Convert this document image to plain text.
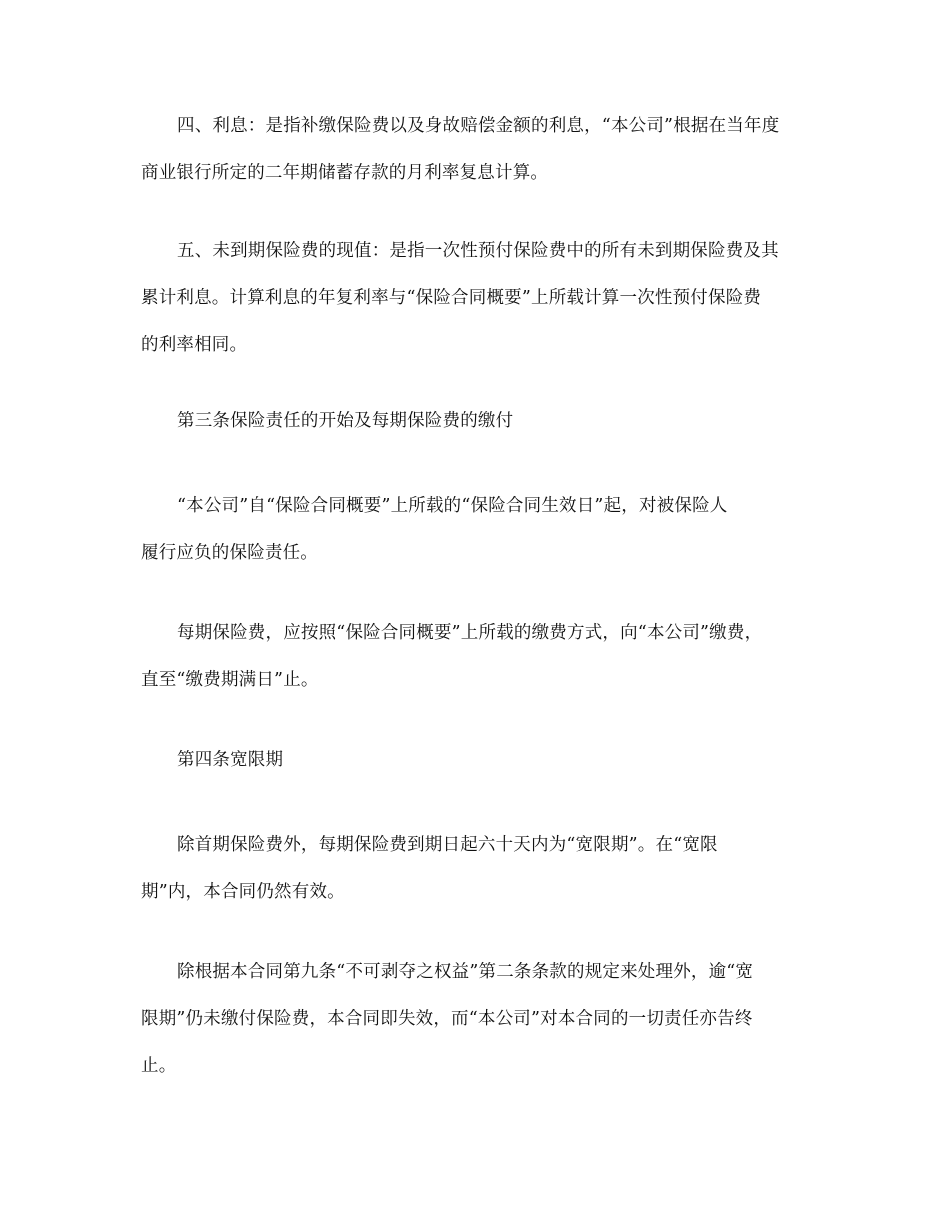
四、利息：是指补缴保险费以及身故赔偿金额的利息，“本公司”根据在当年度
商业银行所定的二年期储蓄存款的月利率复息计算。

五、未到期保险费的现值：是指一次性预付保险费中的所有未到期保险费及其
累计利息。计算利息的年复利率与“保险合同概要”上所载计算一次性预付保险费
的利率相同。

第三条保险责任的开始及每期保险费的缴付

“本公司”自“保险合同概要”上所载的“保险合同生效日”起，对被保险人
履行应负的保险责任。

每期保险费，应按照“保险合同概要”上所载的缴费方式，向“本公司”缴费，
直至“缴费期满日”止。

第四条宽限期

除首期保险费外，每期保险费到期日起六十天内为“宽限期”。在“宽限
期”内，本合同仍然有效。

除根据本合同第九条“不可剥夺之权益”第二条条款的规定来处理外，逾“宽
限期”仍未缴付保险费，本合同即失效，而“本公司”对本合同的一切责任亦告终
止。
